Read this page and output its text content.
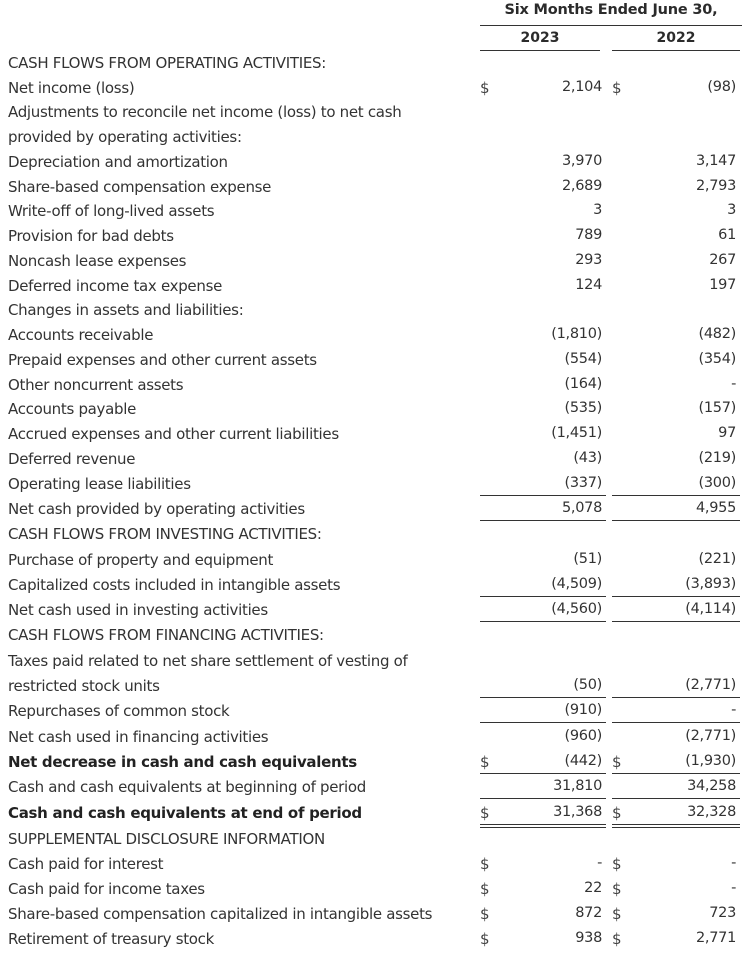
Six Months Ended June 30,
2023	2022
CASH FLOWS FROM OPERATING ACTIVITIES:
Net income (loss)	$	2,104 $	(98)
Adjustments to reconcile net income (loss) to net cash
provided by operating activities:
Depreciation and amortization	3,970	3,147
Share-based compensation expense	2,689	2,793
Write-off of long-lived assets	3	3
Provision for bad debts	789	61
Noncash lease expenses	293	267
Deferred income tax expense	124	197
Changes in assets and liabilities:
Accounts receivable	(1,810)	(482)
Prepaid expenses and other current assets	(554)	(354)
Other noncurrent assets	(164)	-
Accounts payable	(535)	(157)
Accrued expenses and other current liabilities	(1,451)	97
Deferred revenue	(43)	(219)
Operating lease liabilities	(337)	(300)
Net cash provided by operating activities	5,078	4,955
CASH FLOWS FROM INVESTING ACTIVITIES:
Purchase of property and equipment	(51)	(221)
Capitalized costs included in intangible assets	(4,509)	(3,893)
Net cash used in investing activities	(4,560)	(4,114)
CASH FLOWS FROM FINANCING ACTIVITIES:
Taxes paid related to net share settlement of vesting of
restricted stock units	(50)	(2,771)
Repurchases of common stock	(910)	-
Net cash used in financing activities	(960)	(2,771)
Net decrease in cash and cash equivalents	$	(442) $	(1,930)
Cash and cash equivalents at beginning of period	31,810	34,258
Cash and cash equivalents at end of period	$	31,368 $	32,328
SUPPLEMENTAL DISCLOSURE INFORMATION
Cash paid for interest	$	- $	-
Cash paid for income taxes	$	22 $	-
Share-based compensation capitalized in intangible assets	$	872 $	723
Retirement of treasury stock	$	938 $	2,771
